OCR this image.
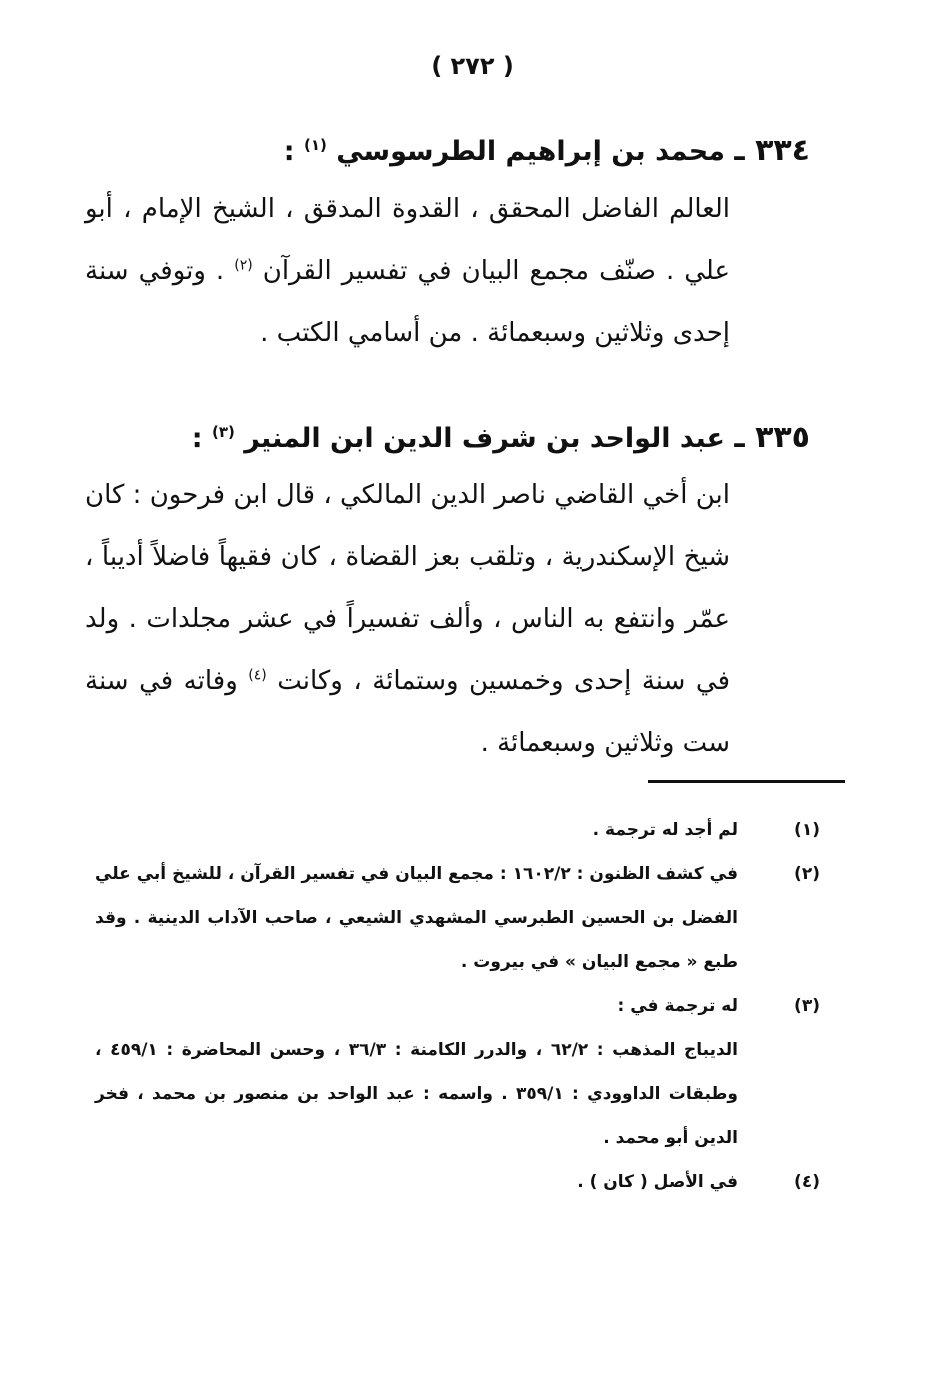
( ٢٧٢ )
٣٣٤ ـ محمد بن إبراهيم الطرسوسي $^{(١)}$ :
العالم الفاضل المحقق ، القدوة المدقق ، الشيخ الإمام ، أبو علي . صنّف مجمع البيان في تفسير القرآن $^{(٢)}$ . وتوفي سنة إحدى وثلاثين وسبعمائة . من أسامي الكتب .
٣٣٥ ـ عبد الواحد بن شرف الدين ابن المنير $^{(٣)}$ :
ابن أخي القاضي ناصر الدين المالكي ، قال ابن فرحون : كان شيخ الإسكندرية ، وتلقب بعز القضاة ، كان فقيهاً فاضلاً أديباً ، عمّر وانتفع به الناس ، وألف تفسيراً في عشر مجلدات . ولد في سنة إحدى وخمسين وستمائة ، وكانت $^{(٤)}$ وفاته في سنة ست وثلاثين وسبعمائة .
(١)
لم أجد له ترجمة .
(٢)
في كشف الظنون : ١٦٠٢/٢ : مجمع البيان في تفسير القرآن ، للشيخ أبي علي الفضل بن الحسين الطبرسي المشهدي الشيعي ، صاحب الآداب الدينية . وقد طبع « مجمع البيان » في بيروت .
(٣)
له ترجمة في :
الديباج المذهب : ٦٢/٢ ، والدرر الكامنة : ٣٦/٣ ، وحسن المحاضرة : ٤٥٩/١ ، وطبقات الداوودي : ٣٥٩/١ . واسمه : عبد الواحد بن منصور بن محمد ، فخر الدين أبو محمد .
(٤)
في الأصل ( كان ) .
